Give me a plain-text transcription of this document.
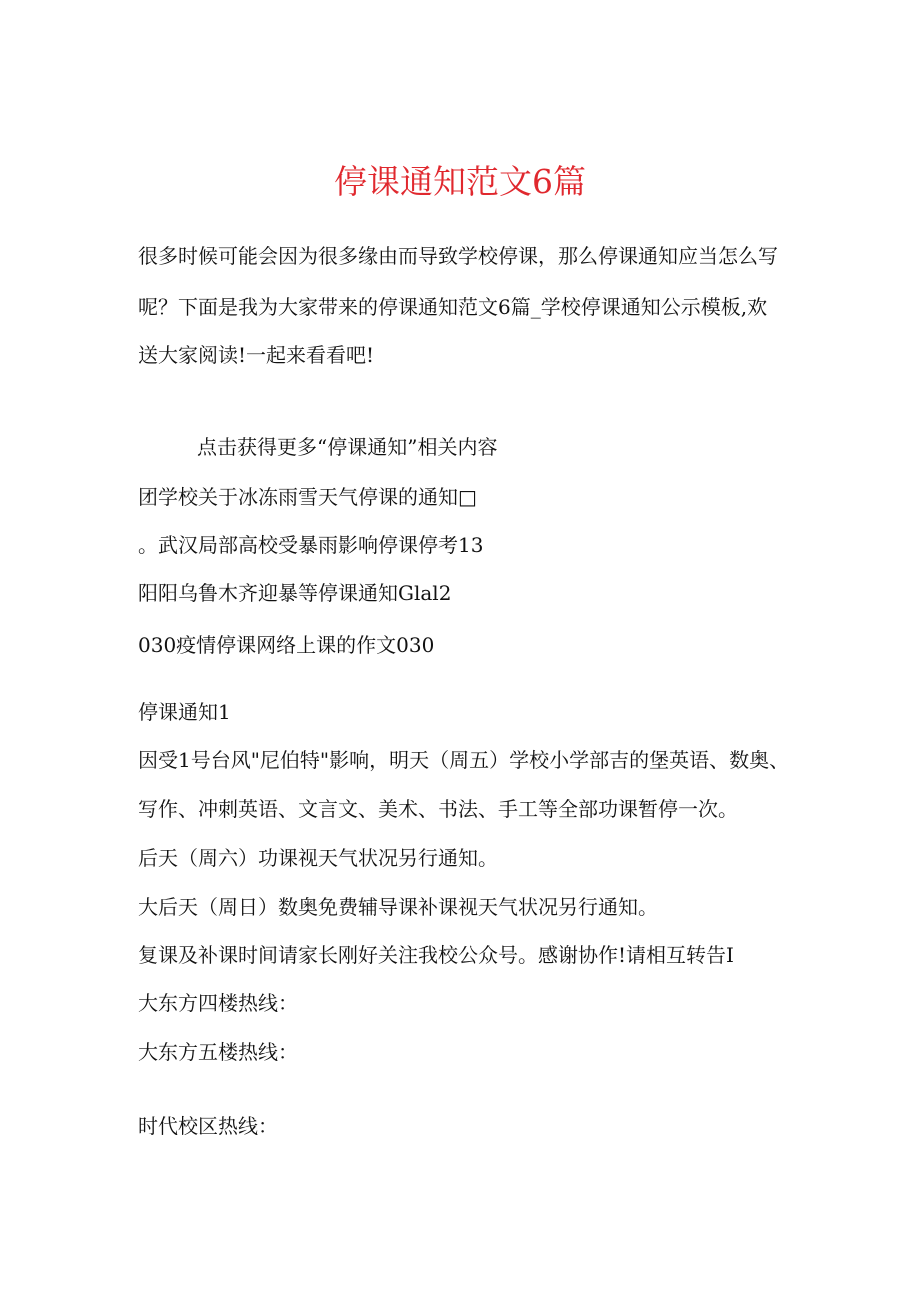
停课通知范文6篇
很多时候可能会因为很多缘由而导致学校停课，那么停课通知应当怎么写
呢？下面是我为大家带来的停课通知范文6篇_学校停课通知公示模板,欢
送大家阅读!一起来看看吧!
点击获得更多“停课通知”相关内容
团学校关于冰冻雨雪天气停课的通知□
。武汉局部高校受暴雨影响停课停考13
阳阳乌鲁木齐迎暴等停课通知Glal2
030疫情停课网络上课的作文030
停课通知1
因受1号台风"尼伯特"影响，明天（周五）学校小学部吉的堡英语、数奥、
写作、冲刺英语、文言文、美术、书法、手工等全部功课暂停一次。
后天（周六）功课视天气状况另行通知。
大后天（周日）数奥免费辅导课补课视天气状况另行通知。
复课及补课时间请家长刚好关注我校公众号。感谢协作!请相互转告I
大东方四楼热线：
大东方五楼热线：
时代校区热线：
